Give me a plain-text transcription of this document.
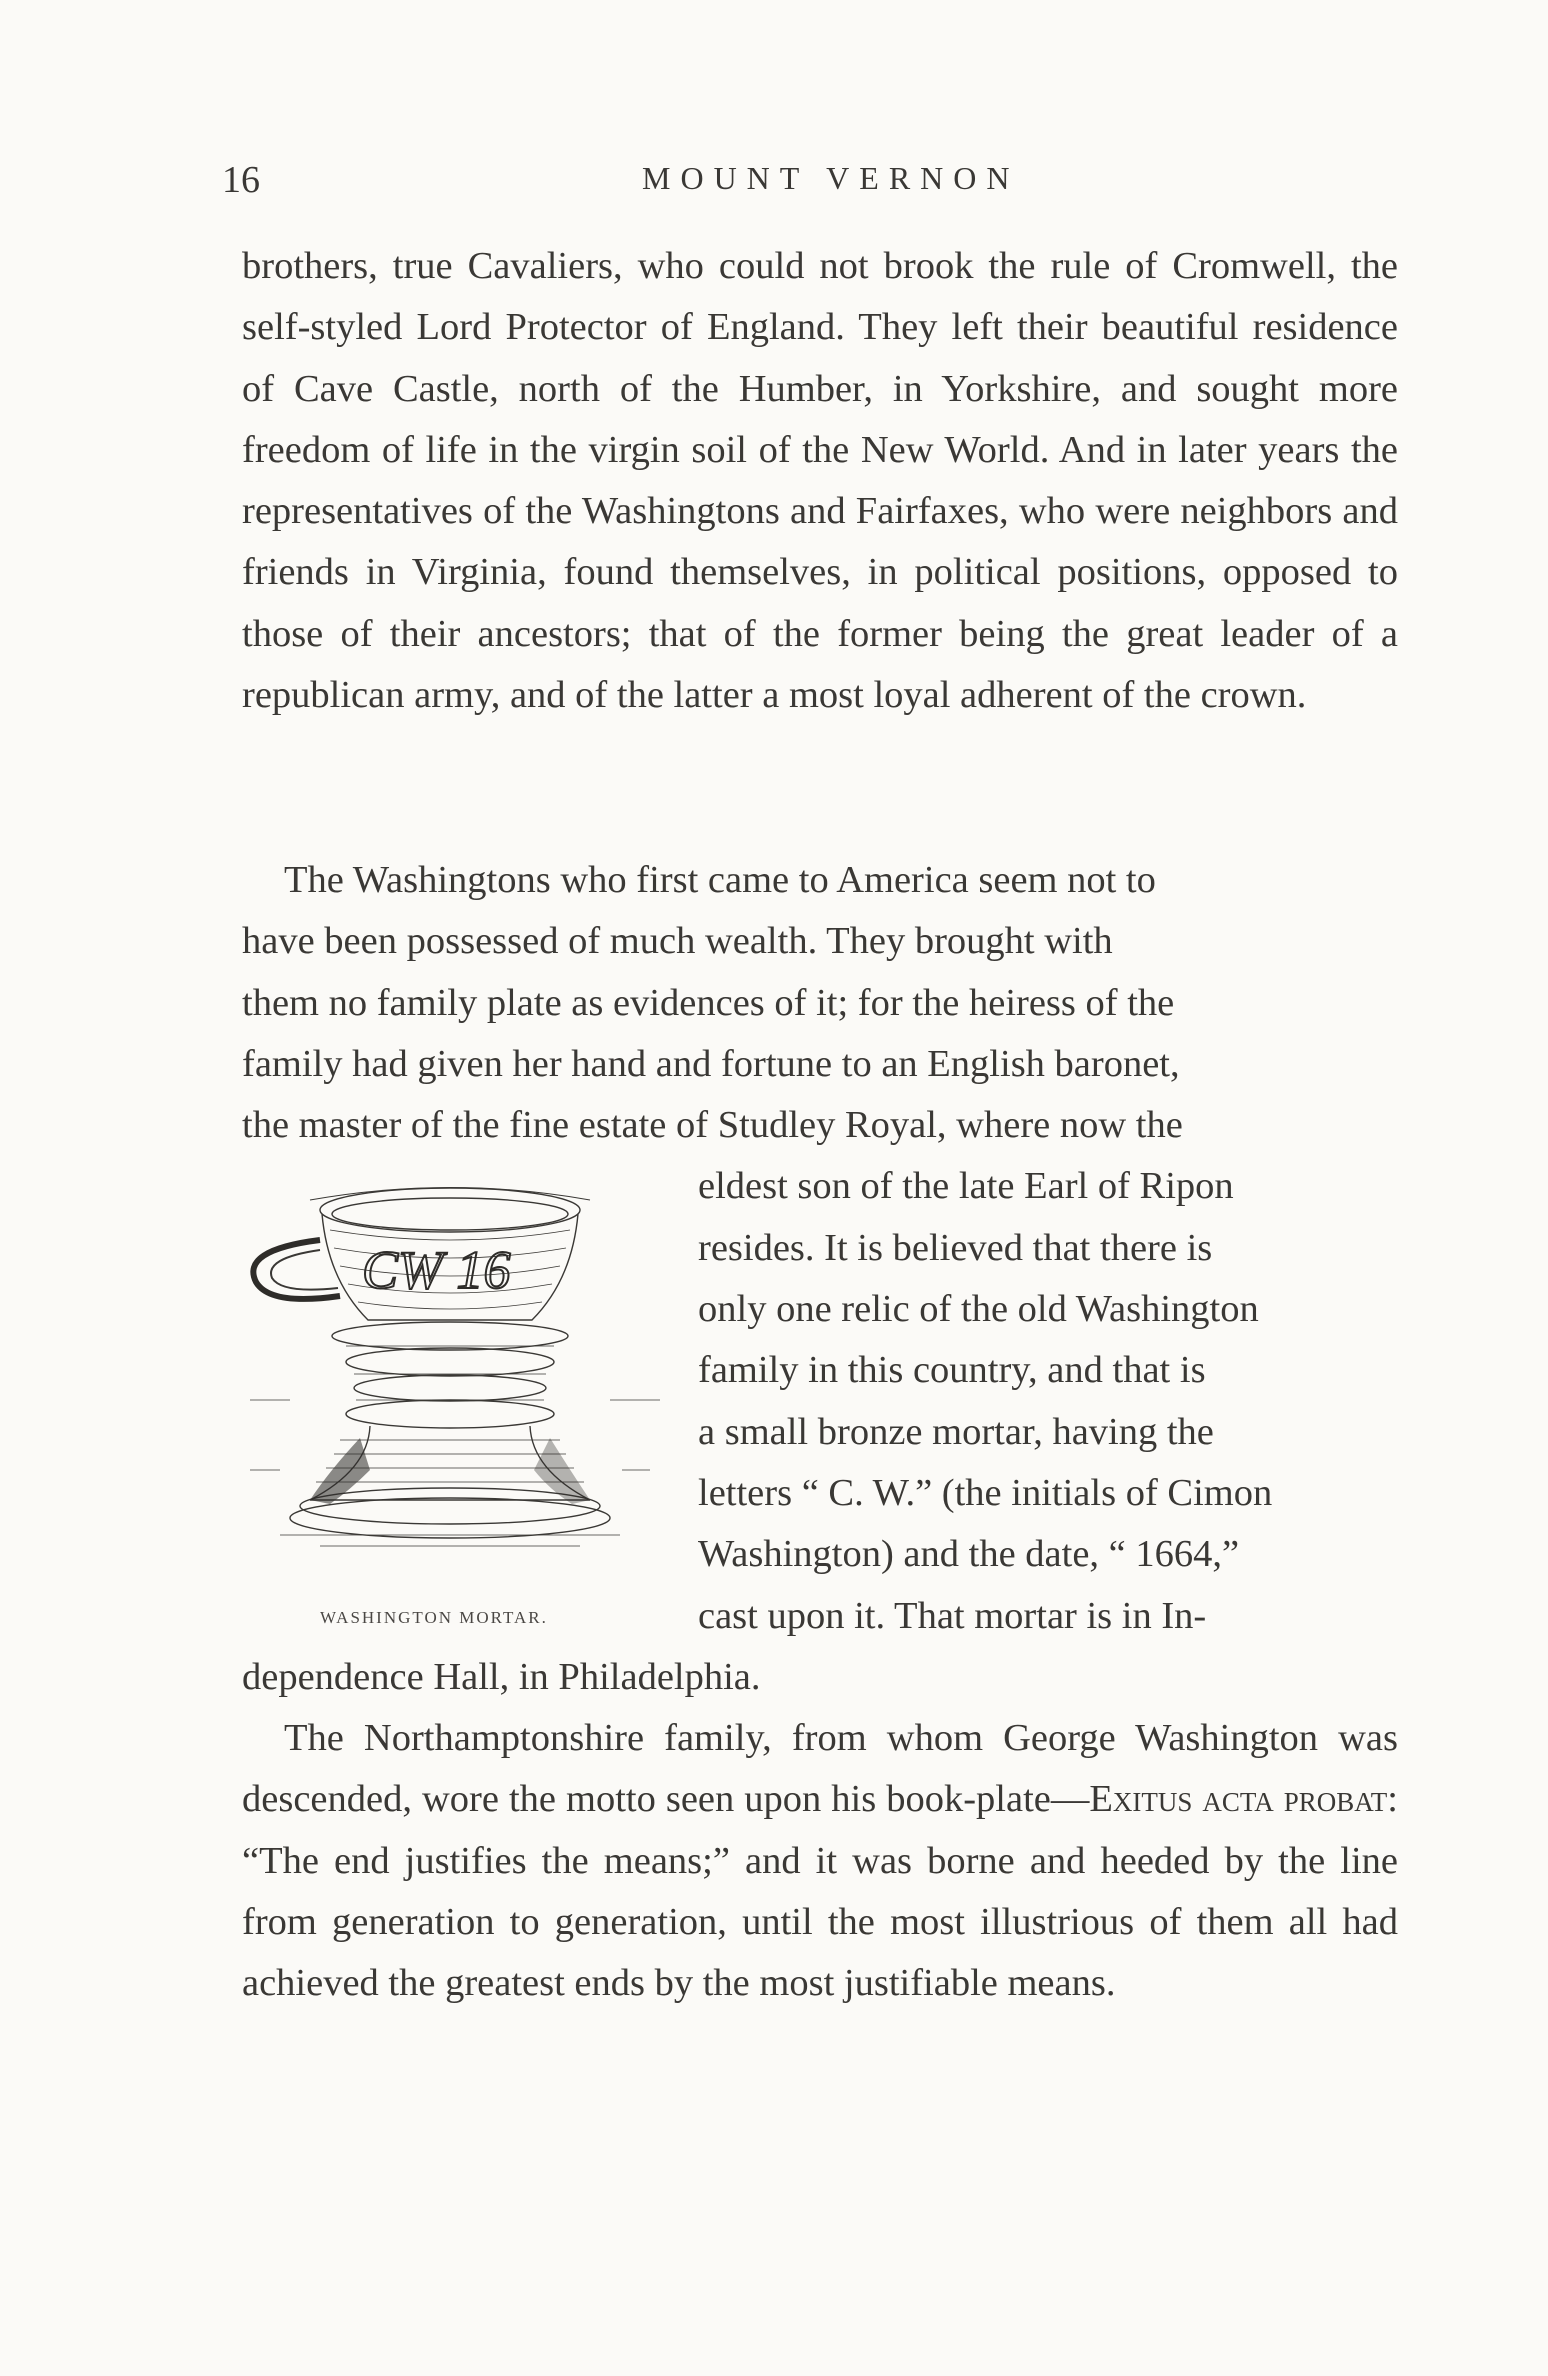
16	MOUNT VERNON

brothers, true Cavaliers, who could not brook the rule of Cromwell, the self-styled Lord Protector of England. They left their beautiful residence of Cave Castle, north of the Humber, in Yorkshire, and sought more freedom of life in the virgin soil of the New World. And in later years the representatives of the Washingtons and Fairfaxes, who were neighbors and friends in Virginia, found themselves, in political positions, opposed to those of their ancestors; that of the former being the great leader of a republican army, and of the latter a most loyal adherent of the crown.

The Washingtons who first came to America seem not to
have been possessed of much wealth. They brought with
them no family plate as evidences of it; for the heiress of the
family had given her hand and fortune to an English baronet,
the master of the fine estate of Studley Royal, where now the
eldest son of the late Earl of Ripon
resides. It is believed that there is
only one relic of the old Washington
family in this country, and that is
a small bronze mortar, having the
letters “ C. W.” (the initials of Cimon
Washington) and the date, “ 1664,”
cast upon it. That mortar is in In-
dependence Hall, in Philadelphia.

The Northamptonshire family, from whom George Washington was descended, wore the motto seen upon his book-plate—Exitus acta probat: “The end justifies the means;” and it was borne and heeded by the line from generation to generation, until the most illustrious of them all had achieved the greatest ends by the most justifiable means.

CW 16
WASHINGTON MORTAR.
